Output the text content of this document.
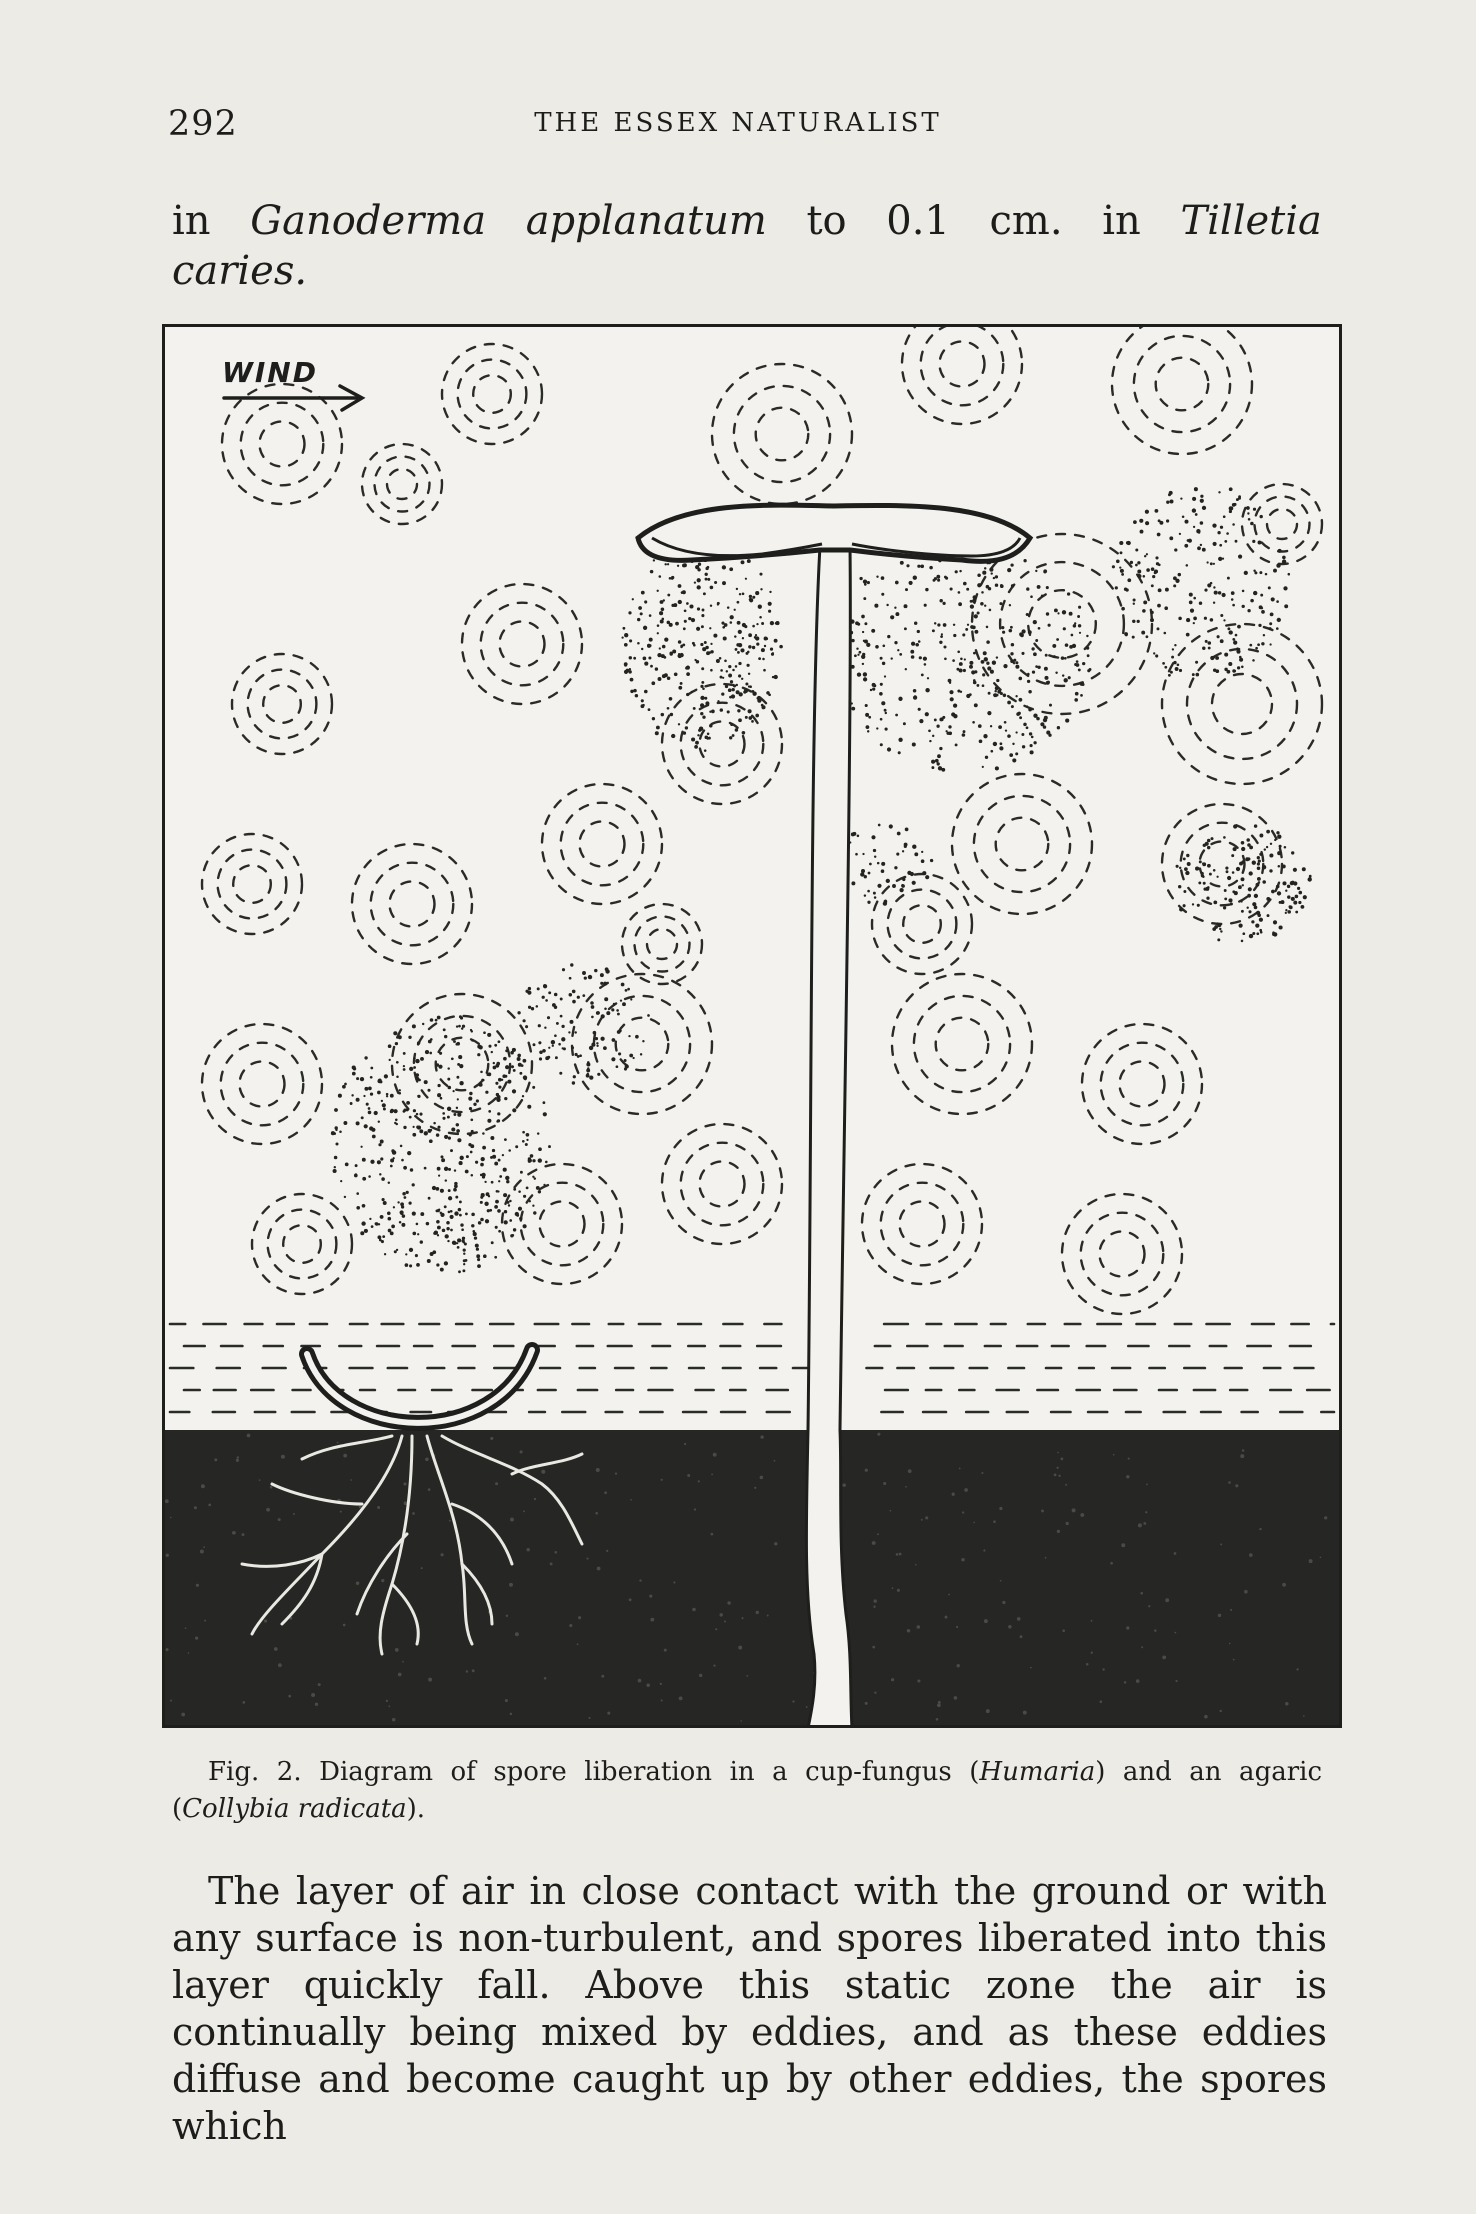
292	THE ESSEX NATURALIST
in Ganoderma applanatum to 0.1 cm. in Tilletia
caries.
WIND
Fig. 2. Diagram of spore liberation in a cup-fungus (Humaria) and an agaric (Collybia radicata).

The layer of air in close contact with the ground or with any surface is non-turbulent, and spores liberated into this layer quickly fall. Above this static zone the air is continually being mixed by eddies, and as these eddies diffuse and become caught up by other eddies, the spores which
